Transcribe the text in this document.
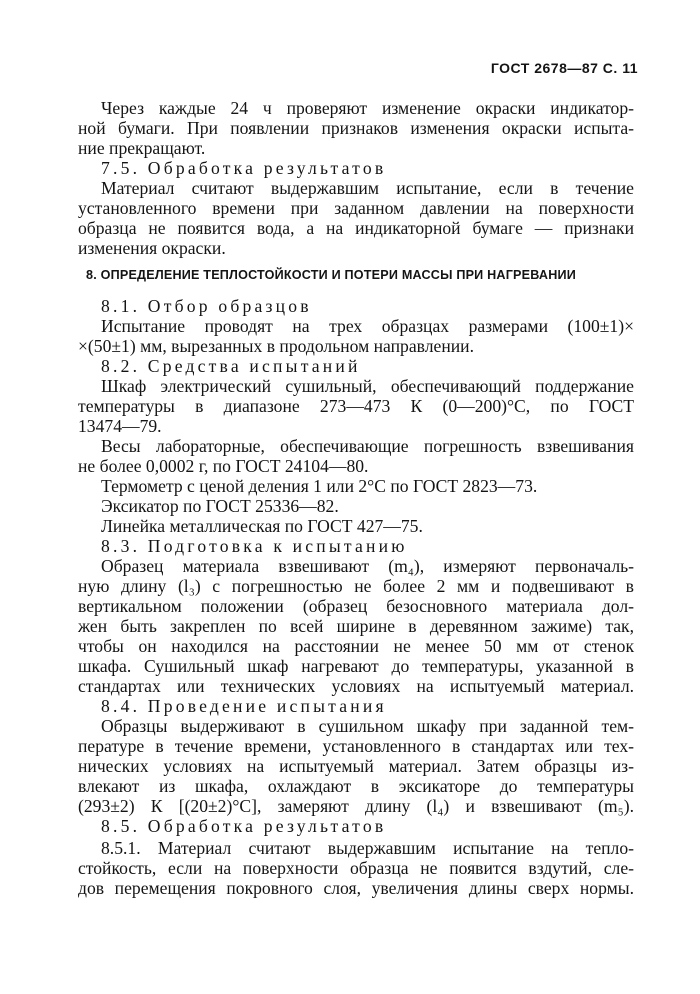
ГОСТ 2678—87 С. 11
Через каждые 24 ч проверяют изменение окраски индикатор-
ной бумаги. При появлении признаков изменения окраски испыта-
ние прекращают.
7.5. Обработка результатов
Материал считают выдержавшим испытание, если в течение
установленного времени при заданном давлении на поверхности
образца не появится вода, а на индикаторной бумаге — признаки
изменения окраски.
8. ОПРЕДЕЛЕНИЕ ТЕПЛОСТОЙКОСТИ И ПОТЕРИ МАССЫ ПРИ НАГРЕВАНИИ
8.1. Отбор образцов
Испытание проводят на трех образцах размерами (100±1)×
×(50±1) мм, вырезанных в продольном направлении.
8.2. Средства испытаний
Шкаф электрический сушильный, обеспечивающий поддержание
температуры в диапазоне 273—473 К (0—200)°С, по ГОСТ
13474—79.
Весы лабораторные, обеспечивающие погрешность взвешивания
не более 0,0002 г, по ГОСТ 24104—80.
Термометр с ценой деления 1 или 2°С по ГОСТ 2823—73.
Эксикатор по ГОСТ 25336—82.
Линейка металлическая по ГОСТ 427—75.
8.3. Подготовка к испытанию
Образец материала взвешивают (m₄), измеряют первоначаль-
ную длину (l₃) с погрешностью не более 2 мм и подвешивают в
вертикальном положении (образец безосновного материала дол-
жен быть закреплен по всей ширине в деревянном зажиме) так,
чтобы он находился на расстоянии не менее 50 мм от стенок
шкафа. Сушильный шкаф нагревают до температуры, указанной в
стандартах или технических условиях на испытуемый материал.
8.4. Проведение испытания
Образцы выдерживают в сушильном шкафу при заданной тем-
пературе в течение времени, установленного в стандартах или тех-
нических условиях на испытуемый материал. Затем образцы из-
влекают из шкафа, охлаждают в эксикаторе до температуры
(293±2) К [(20±2)°С], замеряют длину (l₄) и взвешивают (m₅).
8.5. Обработка результатов
8.5.1. Материал считают выдержавшим испытание на тепло-
стойкость, если на поверхности образца не появится вздутий, сле-
дов перемещения покровного слоя, увеличения длины сверх нормы.
